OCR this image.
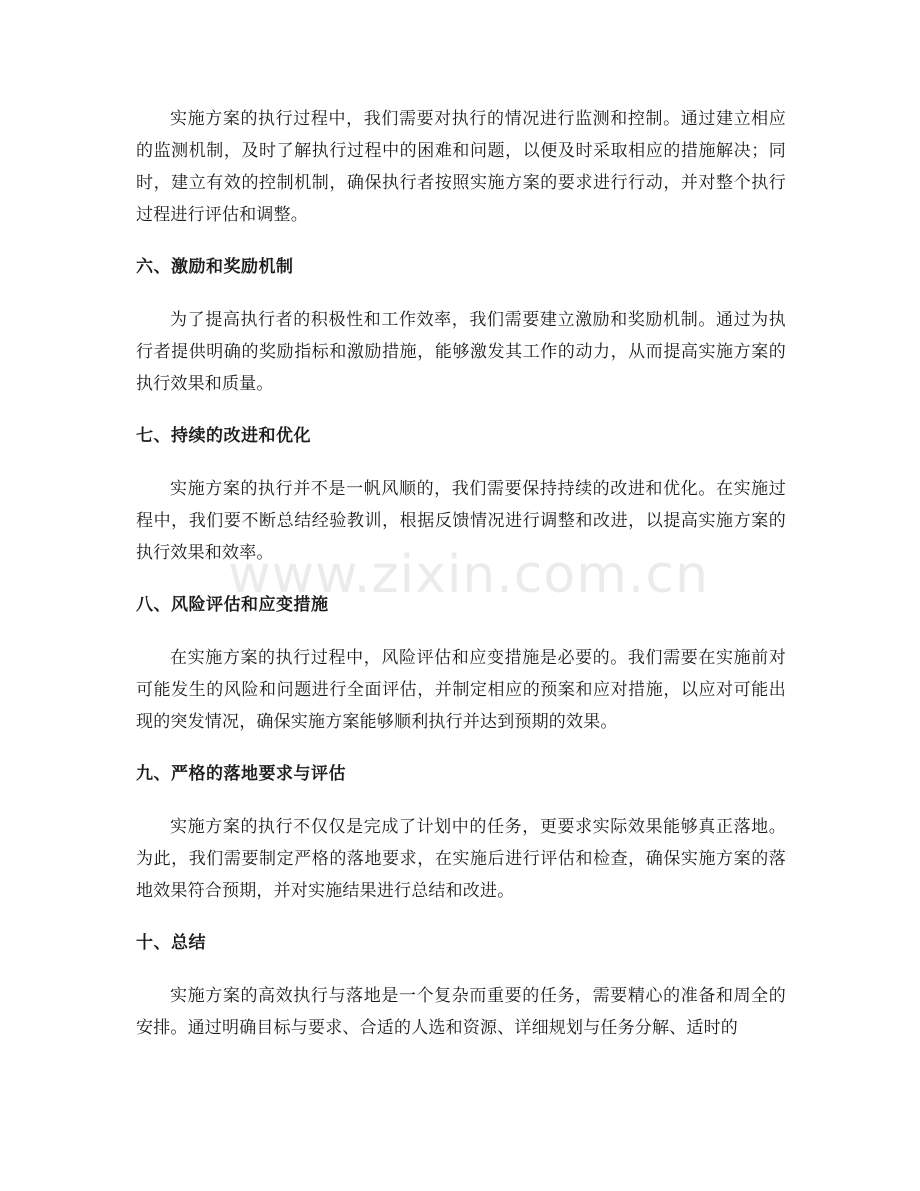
www.zixin.com.cn

实施方案的执行过程中，我们需要对执行的情况进行监测和控制。通过建立相应的监测机制，及时了解执行过程中的困难和问题，以便及时采取相应的措施解决；同时，建立有效的控制机制，确保执行者按照实施方案的要求进行行动，并对整个执行过程进行评估和调整。

六、激励和奖励机制

为了提高执行者的积极性和工作效率，我们需要建立激励和奖励机制。通过为执行者提供明确的奖励指标和激励措施，能够激发其工作的动力，从而提高实施方案的执行效果和质量。

七、持续的改进和优化

实施方案的执行并不是一帆风顺的，我们需要保持持续的改进和优化。在实施过程中，我们要不断总结经验教训，根据反馈情况进行调整和改进，以提高实施方案的执行效果和效率。

八、风险评估和应变措施

在实施方案的执行过程中，风险评估和应变措施是必要的。我们需要在实施前对可能发生的风险和问题进行全面评估，并制定相应的预案和应对措施，以应对可能出现的突发情况，确保实施方案能够顺利执行并达到预期的效果。

九、严格的落地要求与评估

实施方案的执行不仅仅是完成了计划中的任务，更要求实际效果能够真正落地。为此，我们需要制定严格的落地要求，在实施后进行评估和检查，确保实施方案的落地效果符合预期，并对实施结果进行总结和改进。

十、总结

实施方案的高效执行与落地是一个复杂而重要的任务，需要精心的准备和周全的安排。通过明确目标与要求、合适的人选和资源、详细规划与任务分解、适时的
